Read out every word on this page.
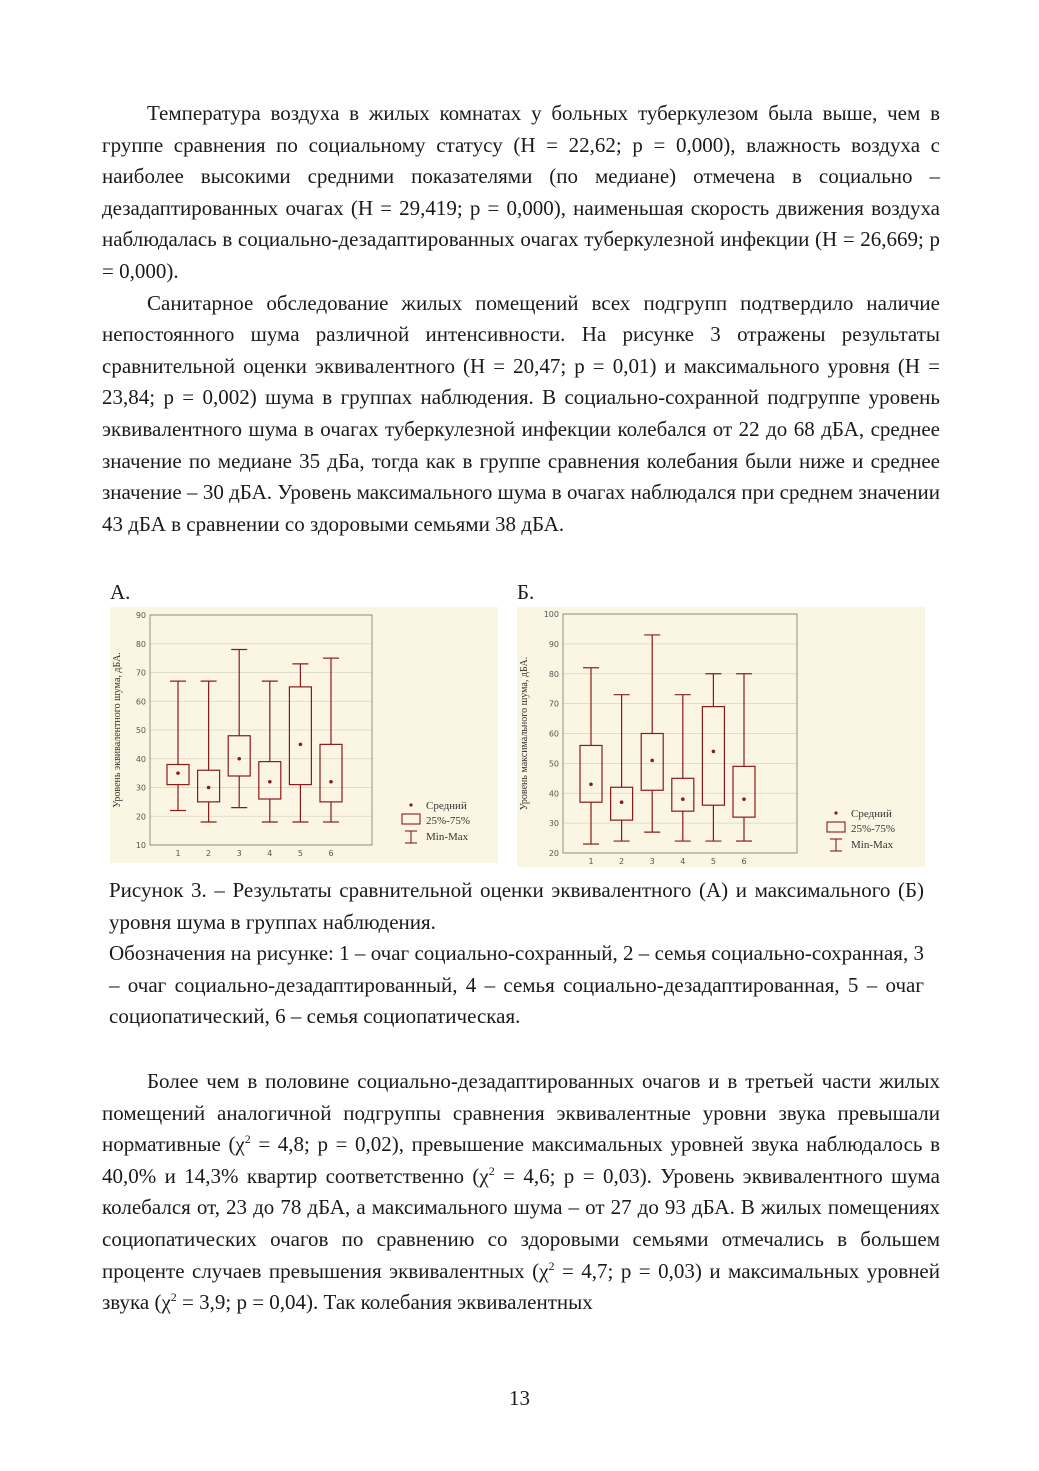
Температура воздуха в жилых комнатах у больных туберкулезом была выше, чем в группе сравнения по социальному статусу (H = 22,62; p = 0,000), влажность воздуха с наиболее высокими средними показателями (по медиане) отмечена в социально – дезадаптированных очагах (H = 29,419; p = 0,000), наименьшая скорость движения воздуха наблюдалась в социально-дезадаптированных очагах туберкулезной инфекции (H = 26,669; p = 0,000).

Санитарное обследование жилых помещений всех подгрупп подтвердило наличие непостоянного шума различной интенсивности. На рисунке 3 отражены результаты сравнительной оценки эквивалентного (H = 20,47; p = 0,01) и максимального уровня (H = 23,84; p = 0,002) шума в группах наблюдения. В социально-сохранной подгруппе уровень эквивалентного шума в очагах туберкулезной инфекции колебался от 22 до 68 дБА, среднее значение по медиане 35 дБа, тогда как в группе сравнения колебания были ниже и среднее значение – 30 дБА. Уровень максимального шума в очагах наблюдался при среднем значении 43 дБА в сравнении со здоровыми семьями 38 дБА.

А.	Б.
10
20
30
40
50
60
70
80
90
Уровень эквивалентного шума, дБА.
1	2	3	4	5	6
Средний
25%-75%
Min-Max
20
30
40
50
60
70
80
90
100
Уровень максимального шума, дБА.
1	2	3	4	5	6
Средний
25%-75%
Min-Max

Рисунок 3. – Результаты сравнительной оценки эквивалентного (А) и максимального (Б) уровня шума в группах наблюдения.

Обозначения на рисунке: 1 – очаг социально-сохранный, 2 – семья социально-сохранная, 3 – очаг социально-дезадаптированный, 4 – семья социально-дезадаптированная, 5 – очаг социопатический, 6 – семья социопатическая.

Более чем в половине социально-дезадаптированных очагов и в третьей части жилых помещений аналогичной подгруппы сравнения эквивалентные уровни звука превышали нормативные ($\chi^2 = 4,8$; p = 0,02), превышение максимальных уровней звука наблюдалось в 40,0% и 14,3% квартир соответственно ($\chi^2 = 4,6$; p = 0,03). Уровень эквивалентного шума колебался от, 23 до 78 дБА, а максимального шума – от 27 до 93 дБА. В жилых помещениях социопатических очагов по сравнению со здоровыми семьями отмечались в большем проценте случаев превышения эквивалентных ($\chi^2 = 4,7$; p = 0,03) и максимальных уровней звука ($\chi^2 = 3,9$; p = 0,04). Так колебания эквивалентных

13
